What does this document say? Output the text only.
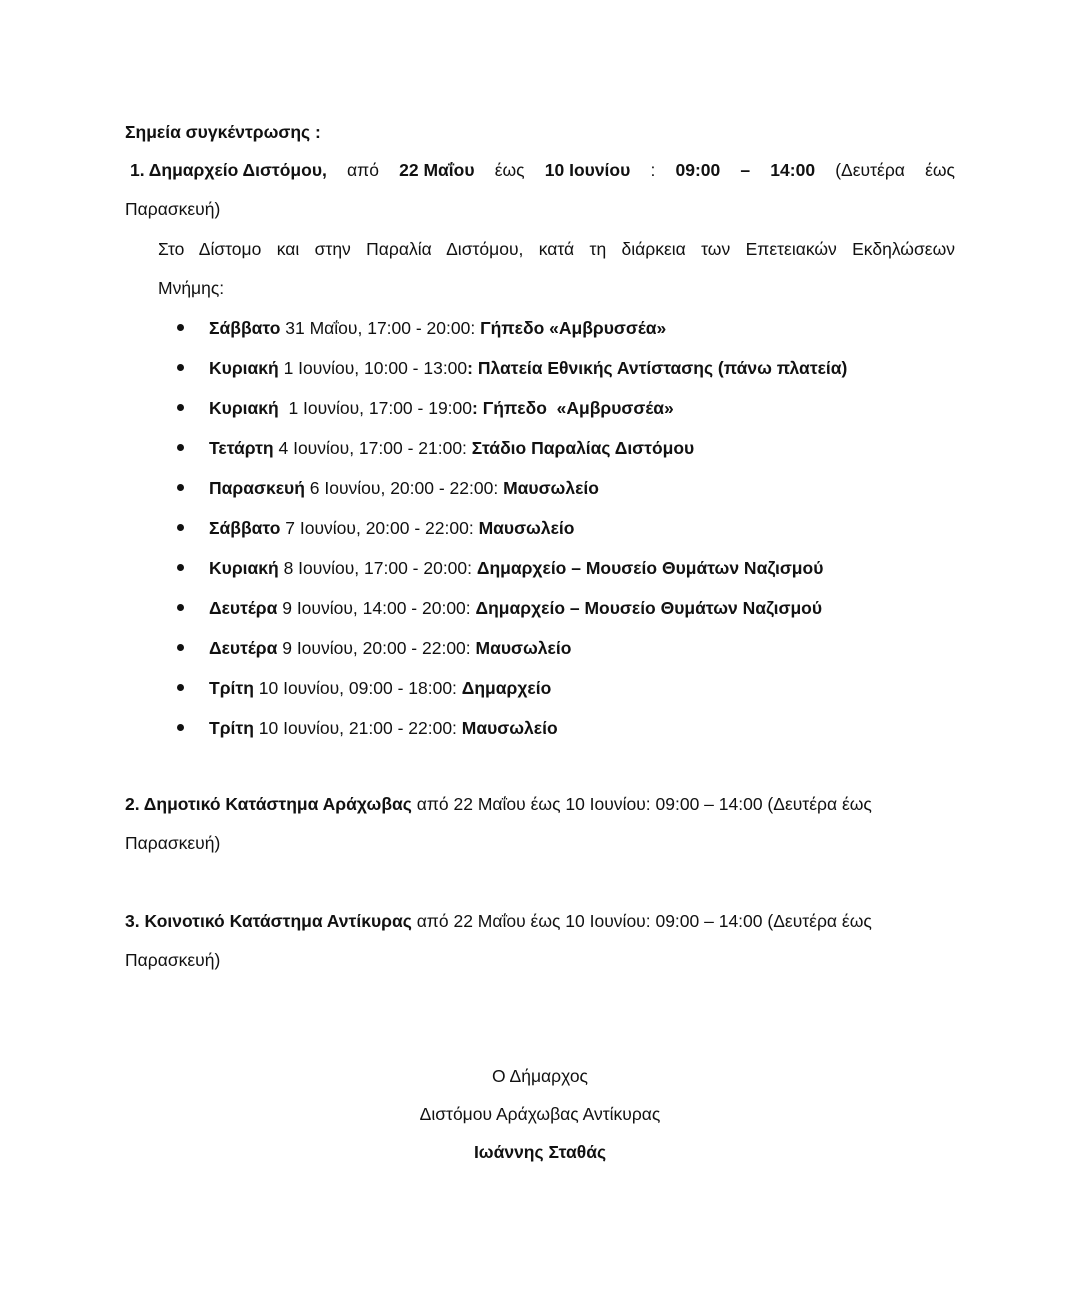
Σημεία συγκέντρωσης :
1. Δημαρχείο Διστόμου, από 22 Μαΐου έως 10 Ιουνίου : 09:00 – 14:00 (Δευτέρα έως
Παρασκευή)
Στο Δίστομο και στην Παραλία Διστόμου, κατά τη διάρκεια των Επετειακών Εκδηλώσεων
Μνήμης:
Σάββατο 31 Μαΐου, 17:00 - 20:00: Γήπεδο «Αμβρυσσέα»
Κυριακή 1 Ιουνίου, 10:00 - 13:00: Πλατεία Εθνικής Αντίστασης (πάνω πλατεία)
Κυριακή  1 Ιουνίου, 17:00 - 19:00: Γήπεδο  «Αμβρυσσέα»
Τετάρτη 4 Ιουνίου, 17:00 - 21:00: Στάδιο Παραλίας Διστόμου
Παρασκευή 6 Ιουνίου, 20:00 - 22:00: Μαυσωλείο
Σάββατο 7 Ιουνίου, 20:00 - 22:00: Μαυσωλείο
Κυριακή 8 Ιουνίου, 17:00 - 20:00: Δημαρχείο – Μουσείο Θυμάτων Ναζισμού
Δευτέρα 9 Ιουνίου, 14:00 - 20:00: Δημαρχείο – Μουσείο Θυμάτων Ναζισμού
Δευτέρα 9 Ιουνίου, 20:00 - 22:00: Μαυσωλείο
Τρίτη 10 Ιουνίου, 09:00 - 18:00: Δημαρχείο
Τρίτη 10 Ιουνίου, 21:00 - 22:00: Μαυσωλείο
2. Δημοτικό Κατάστημα Αράχωβας από 22 Μαΐου έως 10 Ιουνίου: 09:00 – 14:00 (Δευτέρα έως
Παρασκευή)
3. Κοινοτικό Κατάστημα Αντίκυρας από 22 Μαΐου έως 10 Ιουνίου: 09:00 – 14:00 (Δευτέρα έως
Παρασκευή)
Ο Δήμαρχος
Διστόμου Αράχωβας Αντίκυρας
Ιωάννης Σταθάς
